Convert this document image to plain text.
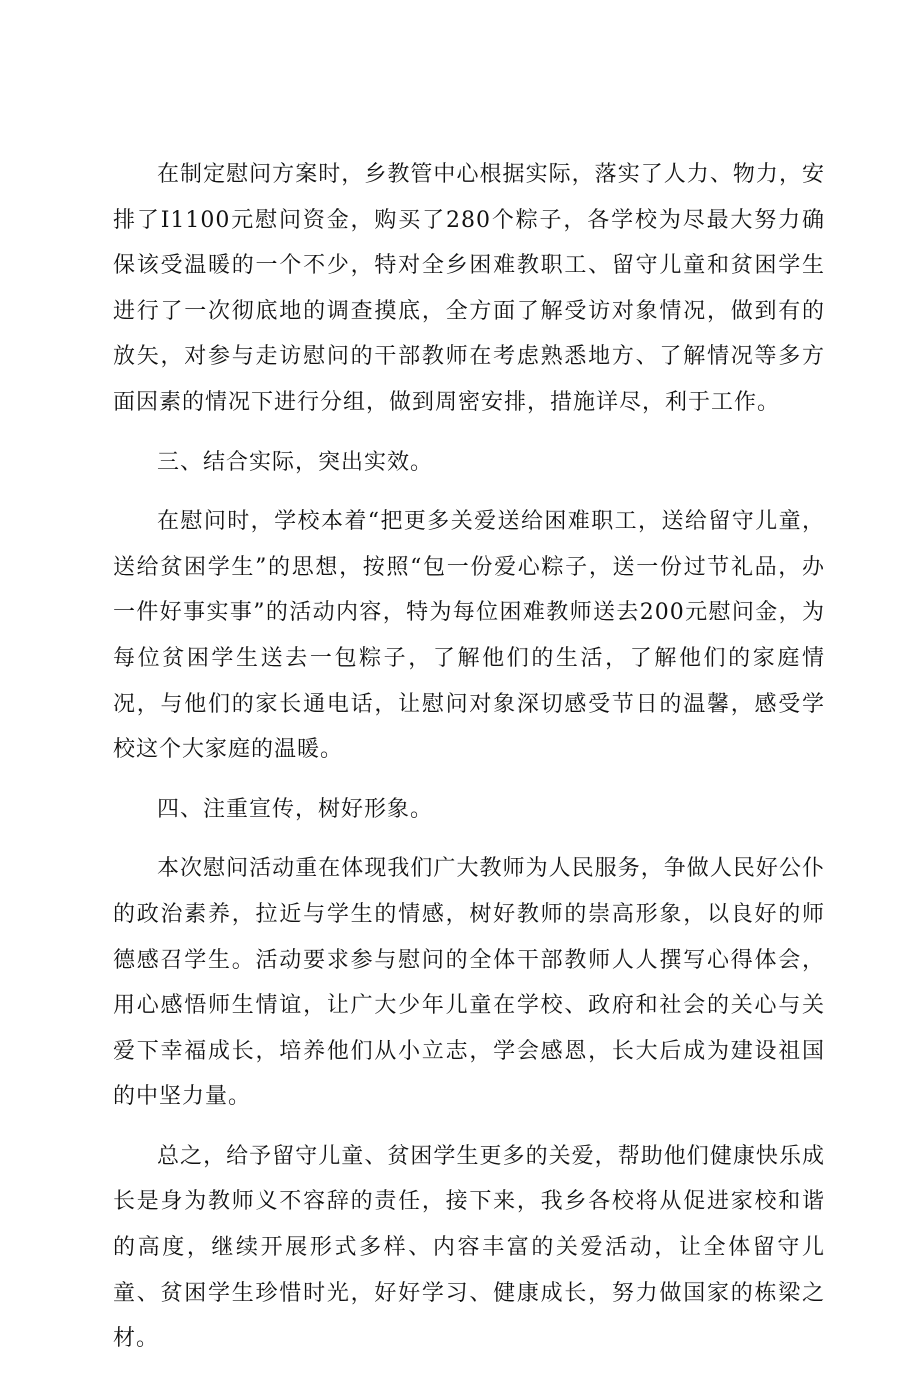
在制定慰问方案时，乡教管中心根据实际，落实了人力、物力，安排了I1100元慰问资金，购买了280个粽子，各学校为尽最大努力确保该受温暖的一个不少，特对全乡困难教职工、留守儿童和贫困学生进行了一次彻底地的调查摸底，全方面了解受访对象情况，做到有的放矢，对参与走访慰问的干部教师在考虑熟悉地方、了解情况等多方面因素的情况下进行分组，做到周密安排，措施详尽，利于工作。

三、结合实际，突出实效。

在慰问时，学校本着“把更多关爱送给困难职工，送给留守儿童，送给贫困学生”的思想，按照“包一份爱心粽子，送一份过节礼品，办一件好事实事”的活动内容，特为每位困难教师送去200元慰问金，为每位贫困学生送去一包粽子，了解他们的生活，了解他们的家庭情况，与他们的家长通电话，让慰问对象深切感受节日的温馨，感受学校这个大家庭的温暖。

四、注重宣传，树好形象。

本次慰问活动重在体现我们广大教师为人民服务，争做人民好公仆的政治素养，拉近与学生的情感，树好教师的崇高形象，以良好的师德感召学生。活动要求参与慰问的全体干部教师人人撰写心得体会，用心感悟师生情谊，让广大少年儿童在学校、政府和社会的关心与关爱下幸福成长，培养他们从小立志，学会感恩，长大后成为建设祖国的中坚力量。

总之，给予留守儿童、贫困学生更多的关爱，帮助他们健康快乐成长是身为教师义不容辞的责任，接下来，我乡各校将从促进家校和谐的高度，继续开展形式多样、内容丰富的关爱活动，让全体留守儿童、贫困学生珍惜时光，好好学习、健康成长，努力做国家的栋梁之材。
